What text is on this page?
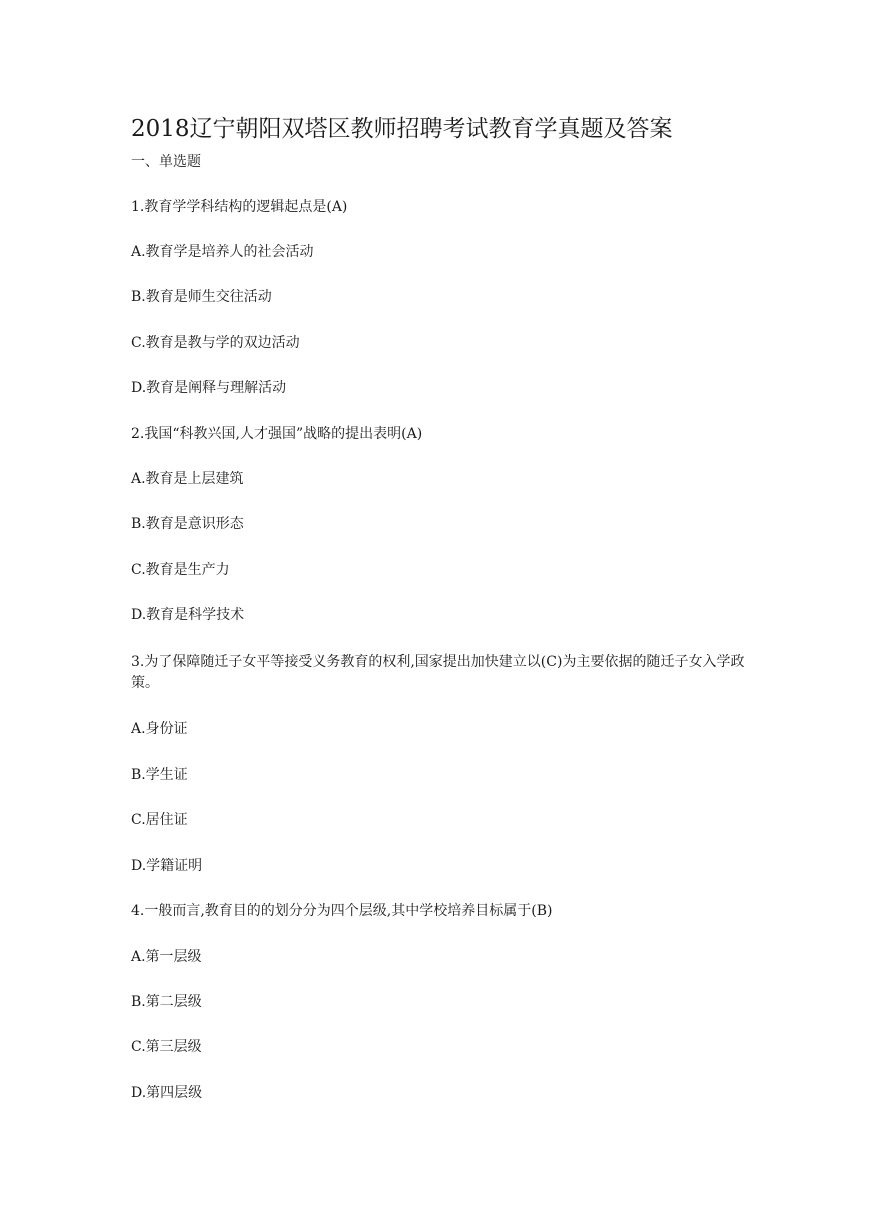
2018辽宁朝阳双塔区教师招聘考试教育学真题及答案
一、单选题
1.教育学学科结构的逻辑起点是(A)
A.教育学是培养人的社会活动
B.教育是师生交往活动
C.教育是教与学的双边活动
D.教育是阐释与理解活动
2.我国“科教兴国,人才强国”战略的提出表明(A)
A.教育是上层建筑
B.教育是意识形态
C.教育是生产力
D.教育是科学技术
3.为了保障随迁子女平等接受义务教育的权利,国家提出加快建立以(C)为主要依据的随迁子女入学政策。
A.身份证
B.学生证
C.居住证
D.学籍证明
4.一般而言,教育目的的划分分为四个层级,其中学校培养目标属于(B)
A.第一层级
B.第二层级
C.第三层级
D.第四层级
